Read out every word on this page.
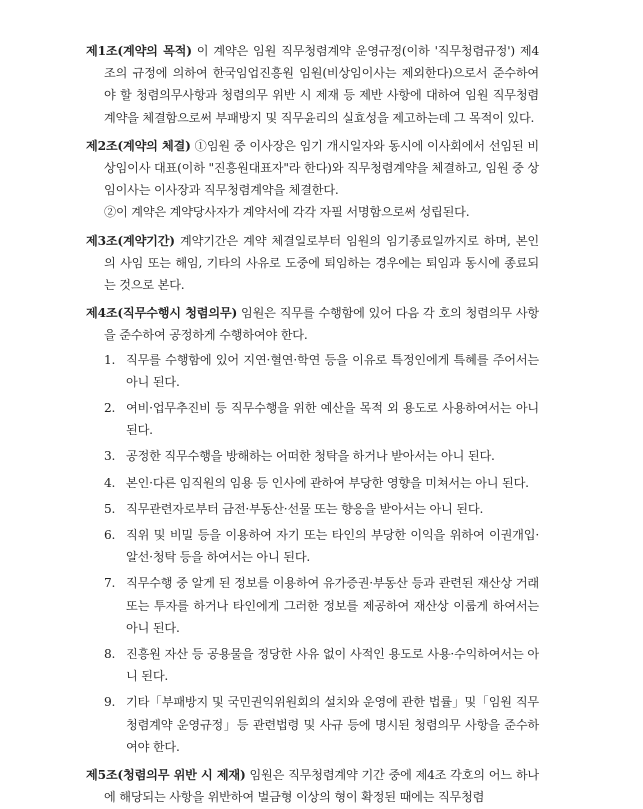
제1조(계약의 목적) 이 계약은 임원 직무청렴계약 운영규정(이하 '직무청렴규정') 제4조의 규정에 의하여 한국임업진흥원 임원(비상임이사는 제외한다)으로서 준수하여야 할 청렴의무사항과 청렴의무 위반 시 제재 등 제반 사항에 대하여 임원 직무청렴계약을 체결함으로써 부패방지 및 직무윤리의 실효성을 제고하는데 그 목적이 있다.

제2조(계약의 체결) ①임원 중 이사장은 임기 개시일자와 동시에 이사회에서 선임된 비상임이사 대표(이하 "진흥원대표자"라 한다)와 직무청렴계약을 체결하고, 임원 중 상임이사는 이사장과 직무청렴계약을 체결한다.

②이 계약은 계약당사자가 계약서에 각각 자필 서명함으로써 성립된다.

제3조(계약기간) 계약기간은 계약 체결일로부터 임원의 임기종료일까지로 하며, 본인의 사임 또는 해임, 기타의 사유로 도중에 퇴임하는 경우에는 퇴임과 동시에 종료되는 것으로 본다.

제4조(직무수행시 청렴의무) 임원은 직무를 수행함에 있어 다음 각 호의 청렴의무 사항을 준수하여 공정하게 수행하여야 한다.

1. 직무를 수행함에 있어 지연·혈연·학연 등을 이유로 특정인에게 특혜를 주어서는 아니 된다.
2. 여비·업무추진비 등 직무수행을 위한 예산을 목적 외 용도로 사용하여서는 아니 된다.
3. 공정한 직무수행을 방해하는 어떠한 청탁을 하거나 받아서는 아니 된다.
4. 본인·다른 임직원의 임용 등 인사에 관하여 부당한 영향을 미쳐서는 아니 된다.
5. 직무관련자로부터 금전·부동산·선물 또는 향응을 받아서는 아니 된다.
6. 직위 및 비밀 등을 이용하여 자기 또는 타인의 부당한 이익을 위하여 이권개입·알선·청탁 등을 하여서는 아니 된다.
7. 직무수행 중 알게 된 정보를 이용하여 유가증권·부동산 등과 관련된 재산상 거래 또는 투자를 하거나 타인에게 그러한 정보를 제공하여 재산상 이룹게 하여서는 아니 된다.
8. 진흥원 자산 등 공용물을 정당한 사유 없이 사적인 용도로 사용·수익하여서는 아니 된다.
9. 기타「부패방지 및 국민권익위원회의 설치와 운영에 관한 법률」및「임원 직무청렴계약 운영규정」등 관련법령 및 사규 등에 명시된 청렴의무 사항을 준수하여야 한다.

제5조(청렴의무 위반 시 제재) 임원은 직무청렴계약 기간 중에 제4조 각호의 어느 하나에 해당되는 사항을 위반하여 벌금형 이상의 형이 확정된 때에는 직무청렴
